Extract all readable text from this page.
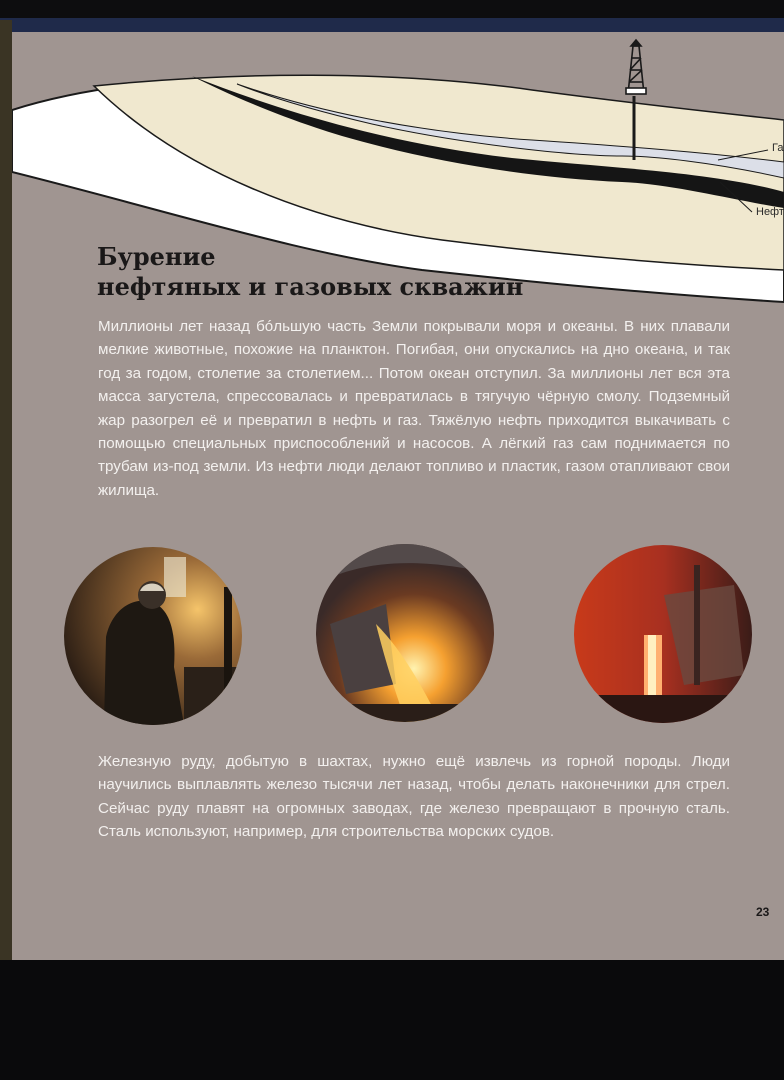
Га
Нефт
Бурение
нефтяных и газовых скважин
Миллионы лет назад бóльшую часть Земли покрывали моря и океаны. В них плавали мелкие животные, похожие на планктон. Погибая, они опускались на дно океана, и так год за годом, столетие за столетием... Потом океан отступил. За миллионы лет вся эта масса загустела, спрессовалась и превратилась в тягучую чёрную смолу. Подземный жар разогрел её и превратил в нефть и газ. Тяжёлую нефть приходится выкачивать с помощью специальных приспособлений и насосов. А лёгкий газ сам поднимается по трубам из-под земли. Из нефти люди делают топливо и пластик, газом отапливают свои жилища.
Железную руду, добытую в шахтах, нужно ещё извлечь из горной породы. Люди научились выплавлять железо тысячи лет назад, чтобы делать наконечники для стрел. Сейчас руду плавят на огромных заводах, где железо превращают в прочную сталь. Сталь используют, например, для строительства морских судов.
23
